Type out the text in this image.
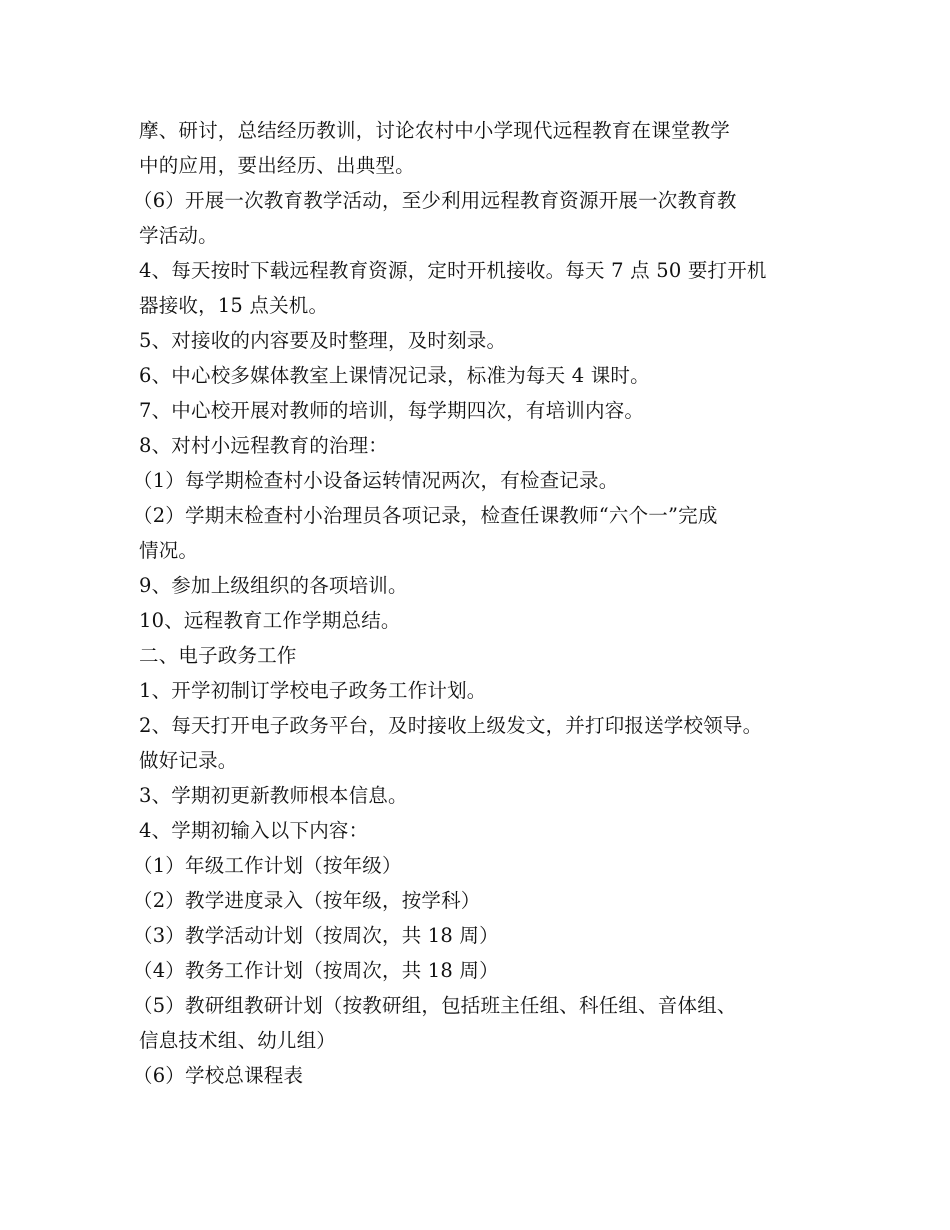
摩、研讨，总结经历教训，讨论农村中小学现代远程教育在课堂教学
中的应用，要出经历、出典型。
（6）开展一次教育教学活动，至少利用远程教育资源开展一次教育教
学活动。
4、每天按时下载远程教育资源，定时开机接收。每天 7 点 50 要打开机
器接收，15 点关机。
5、对接收的内容要及时整理，及时刻录。
6、中心校多媒体教室上课情况记录，标准为每天 4 课时。
7、中心校开展对教师的培训，每学期四次，有培训内容。
8、对村小远程教育的治理：
（1）每学期检查村小设备运转情况两次，有检查记录。
（2）学期末检查村小治理员各项记录，检查任课教师“六个一”完成
情况。
9、参加上级组织的各项培训。
10、远程教育工作学期总结。
二、电子政务工作
1、开学初制订学校电子政务工作计划。
2、每天打开电子政务平台，及时接收上级发文，并打印报送学校领导。
做好记录。
3、学期初更新教师根本信息。
4、学期初输入以下内容：
（1）年级工作计划（按年级）
（2）教学进度录入（按年级，按学科）
（3）教学活动计划（按周次，共 18 周）
（4）教务工作计划（按周次，共 18 周）
（5）教研组教研计划（按教研组，包括班主任组、科任组、音体组、
信息技术组、幼儿组）
（6）学校总课程表
